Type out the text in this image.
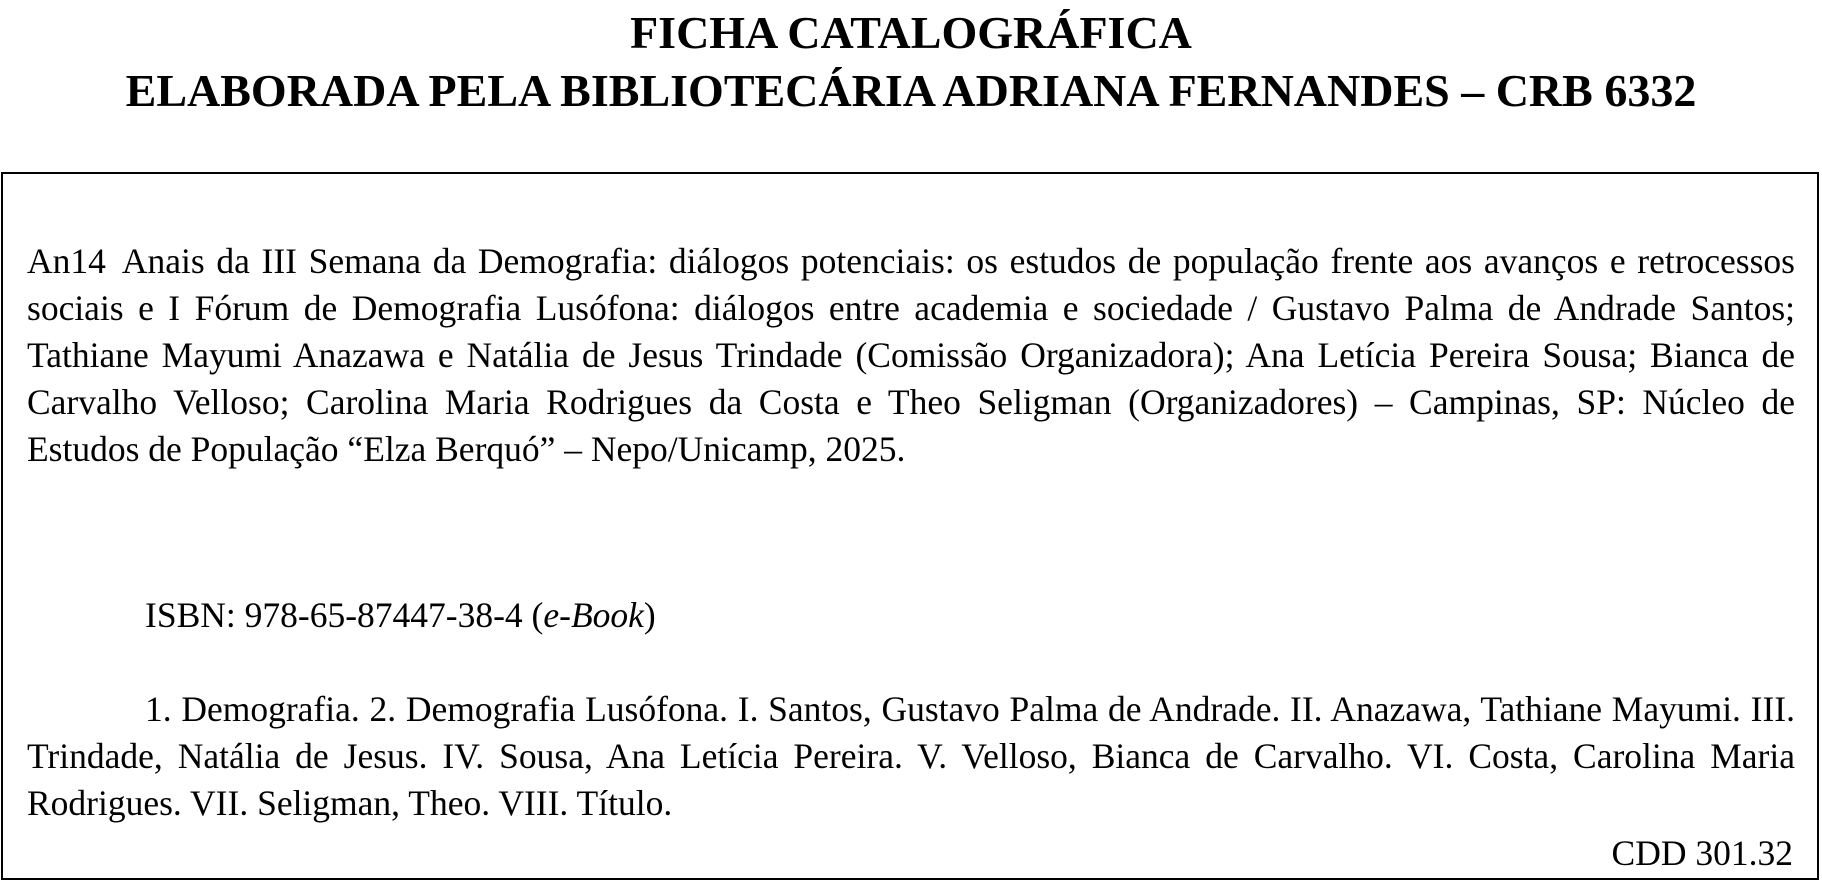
FICHA CATALOGRÁFICA
ELABORADA PELA BIBLIOTECÁRIA ADRIANA FERNANDES – CRB 6332
An14 Anais da III Semana da Demografia: diálogos potenciais: os estudos de população frente aos avanços e retrocessos sociais e I Fórum de Demografia Lusófona: diálogos entre academia e sociedade / Gustavo Palma de Andrade Santos; Tathiane Mayumi Anazawa e Natália de Jesus Trindade (Comissão Organizadora); Ana Letícia Pereira Sousa; Bianca de Carvalho Velloso; Carolina Maria Rodrigues da Costa e Theo Seligman (Organizadores) – Campinas, SP: Núcleo de Estudos de População “Elza Berquó” – Nepo/Unicamp, 2025.
ISBN: 978-65-87447-38-4 (e-Book)
1. Demografia. 2. Demografia Lusófona. I. Santos, Gustavo Palma de Andrade. II. Anazawa, Tathiane Mayumi. III. Trindade, Natália de Jesus. IV. Sousa, Ana Letícia Pereira. V. Velloso, Bianca de Carvalho. VI. Costa, Carolina Maria Rodrigues. VII. Seligman, Theo. VIII. Título.
CDD 301.32
